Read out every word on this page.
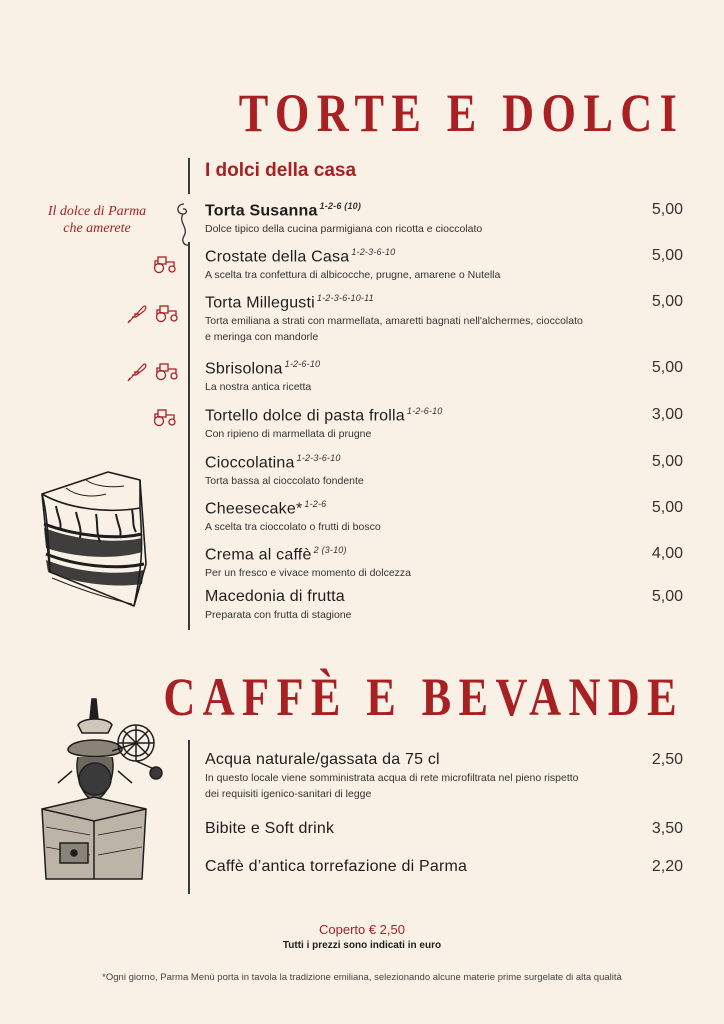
TORTE E DOLCI
CAFFÈ E BEVANDE
I dolci della casa
Il dolce di Parma
che amerete
Torta Susanna $^{1-2-6 (10)}$
Dolce tipico della cucina parmigiana con ricotta e cioccolato
5,00
Crostate della Casa $^{1-2-3-6-10}$
A scelta tra confettura di albicocche, prugne, amarene o Nutella
5,00
Torta Millegusti $^{1-2-3-6-10-11}$
Torta emiliana a strati con marmellata, amaretti bagnati nell'alchermes, cioccolato e meringa con mandorle
5,00
Sbrisolona $^{1-2-6-10}$
La nostra antica ricetta
5,00
Tortello dolce di pasta frolla $^{1-2-6-10}$
Con ripieno di marmellata di prugne
3,00
Cioccolatina $^{1-2-3-6-10}$
Torta bassa al cioccolato fondente
5,00
Cheesecake* $^{1-2-6}$
A scelta tra cioccolato o frutti di bosco
5,00
Crema al caffè $^{2 (3-10)}$
Per un fresco e vivace momento di dolcezza
4,00
Macedonia di frutta
Preparata con frutta di stagione
5,00
Acqua naturale/gassata da 75 cl
In questo locale viene somministrata acqua di rete microfiltrata nel pieno rispetto dei requisiti igenico-sanitari di legge
2,50
Bibite e Soft drink	3,50
Caffè d’antica torrefazione di Parma	2,20
Coperto € 2,50
Tutti i prezzi sono indicati in euro
*Ogni giorno, Parma Menù porta in tavola la tradizione emiliana, selezionando alcune materie prime surgelate di alta qualità
